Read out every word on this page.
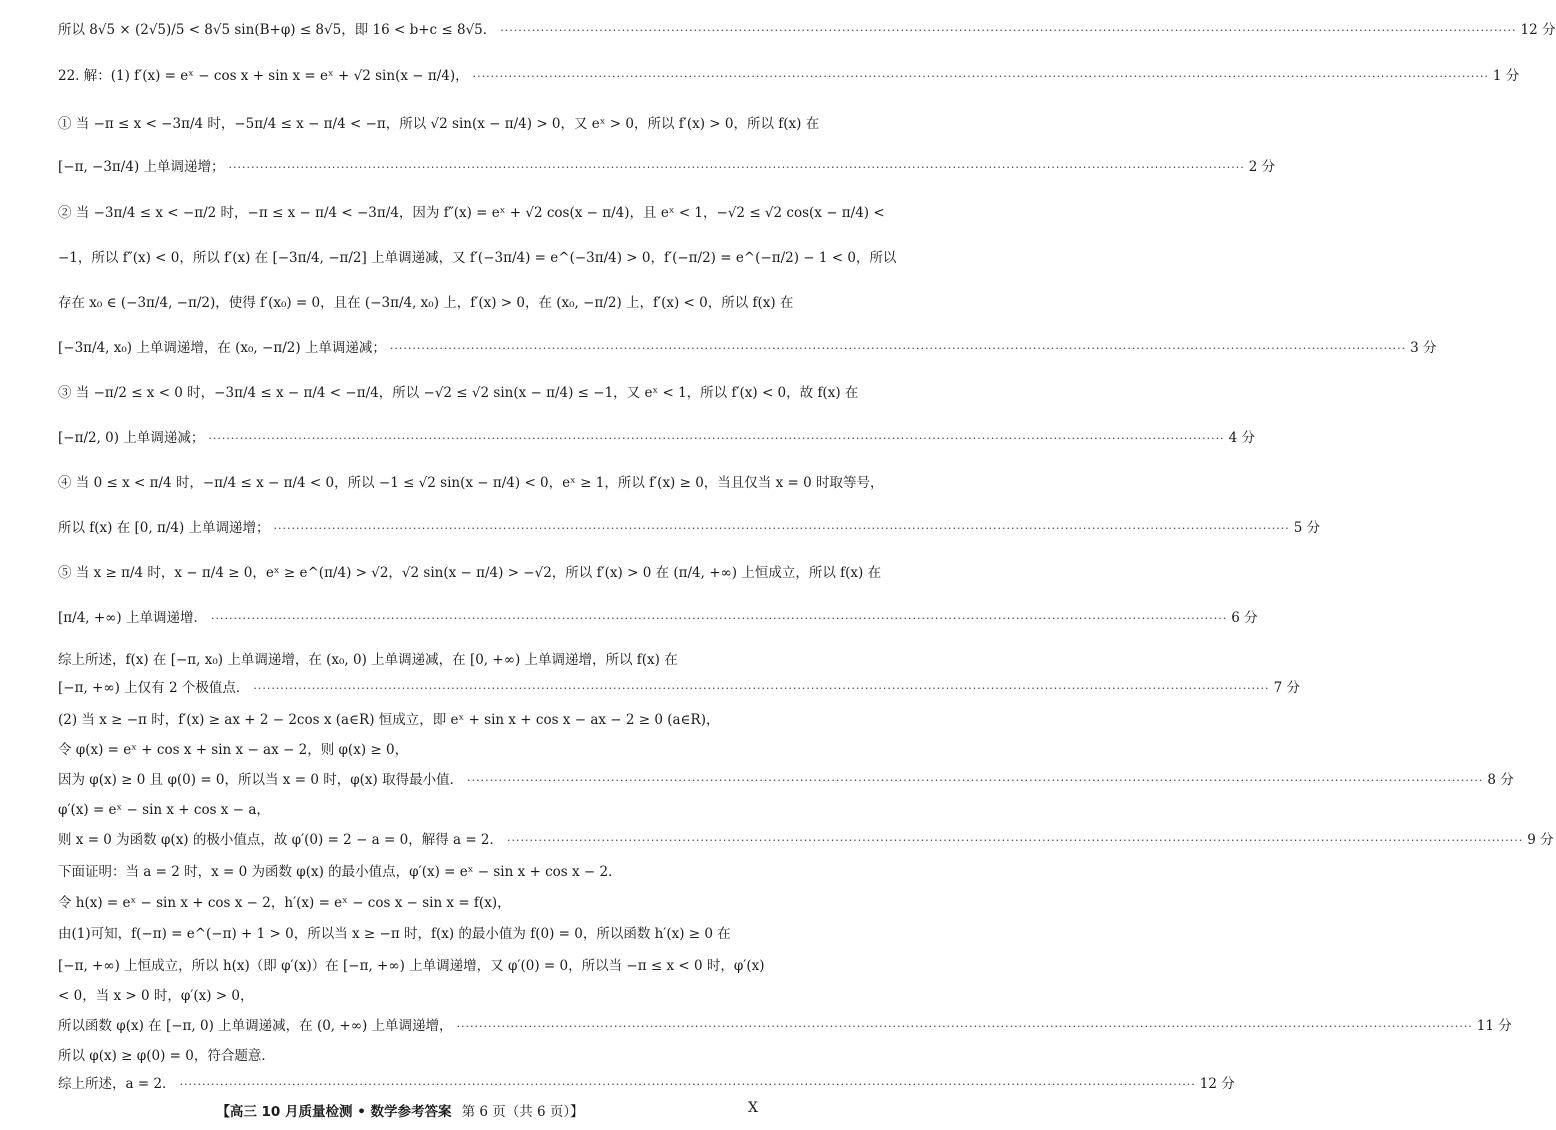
所以 8√5 × (2√5)/5 < 8√5 sin(B+φ) ≤ 8√5，即 16 < b+c ≤ 8√5． ·····	12 分
22. 解：(1) f′(x) = eˣ − cos x + sin x = eˣ + √2 sin(x − π/4)， ·····	1 分
① 当 −π ≤ x < −3π/4 时，−5π/4 ≤ x − π/4 < −π，所以 √2 sin(x − π/4) > 0，又 eˣ > 0，所以 f′(x) > 0，所以 f(x) 在
[−π, −3π/4) 上单调递增； ·····	2 分
② 当 −3π/4 ≤ x < −π/2 时，−π ≤ x − π/4 < −3π/4，因为 f″(x) = eˣ + √2 cos(x − π/4)，且 eˣ < 1，−√2 ≤ √2 cos(x − π/4) <
−1，所以 f″(x) < 0，所以 f′(x) 在 [−3π/4, −π/2] 上单调递减，又 f′(−3π/4) = e^(−3π/4) > 0，f′(−π/2) = e^(−π/2) − 1 < 0，所以
存在 x₀ ∈ (−3π/4, −π/2)，使得 f′(x₀) = 0，且在 (−3π/4, x₀) 上，f′(x) > 0，在 (x₀, −π/2) 上，f′(x) < 0，所以 f(x) 在
[−3π/4, x₀) 上单调递增，在 (x₀, −π/2) 上单调递减； ·····	3 分
③ 当 −π/2 ≤ x < 0 时，−3π/4 ≤ x − π/4 < −π/4，所以 −√2 ≤ √2 sin(x − π/4) ≤ −1，又 eˣ < 1，所以 f′(x) < 0，故 f(x) 在
[−π/2, 0) 上单调递减； ·····	4 分
④ 当 0 ≤ x < π/4 时，−π/4 ≤ x − π/4 < 0，所以 −1 ≤ √2 sin(x − π/4) < 0，eˣ ≥ 1，所以 f′(x) ≥ 0，当且仅当 x = 0 时取等号，
所以 f(x) 在 [0, π/4) 上单调递增； ·····	5 分
⑤ 当 x ≥ π/4 时，x − π/4 ≥ 0，eˣ ≥ e^(π/4) > √2，√2 sin(x − π/4) > −√2，所以 f′(x) > 0 在 (π/4, +∞) 上恒成立，所以 f(x) 在
[π/4, +∞) 上单调递增． ·····	6 分
综上所述，f(x) 在 [−π, x₀) 上单调递增，在 (x₀, 0) 上单调递减，在 [0, +∞) 上单调递增，所以 f(x) 在
[−π, +∞) 上仅有 2 个极值点． ·····	7 分
(2) 当 x ≥ −π 时，f′(x) ≥ ax + 2 − 2cos x (a∈R) 恒成立，即 eˣ + sin x + cos x − ax − 2 ≥ 0 (a∈R)，
令 φ(x) = eˣ + cos x + sin x − ax − 2，则 φ(x) ≥ 0，
因为 φ(x) ≥ 0 且 φ(0) = 0，所以当 x = 0 时，φ(x) 取得最小值． ·····	8 分
φ′(x) = eˣ − sin x + cos x − a，
则 x = 0 为函数 φ(x) 的极小值点，故 φ′(0) = 2 − a = 0，解得 a = 2． ·····	9 分
下面证明：当 a = 2 时，x = 0 为函数 φ(x) 的最小值点，φ′(x) = eˣ − sin x + cos x − 2．
令 h(x) = eˣ − sin x + cos x − 2，h′(x) = eˣ − cos x − sin x = f(x)，
由(1)可知，f(−π) = e^(−π) + 1 > 0，所以当 x ≥ −π 时，f(x) 的最小值为 f(0) = 0，所以函数 h′(x) ≥ 0 在
[−π, +∞) 上恒成立，所以 h(x)（即 φ′(x)）在 [−π, +∞) 上单调递增，又 φ′(0) = 0，所以当 −π ≤ x < 0 时，φ′(x)
< 0，当 x > 0 时，φ′(x) > 0，
所以函数 φ(x) 在 [−π, 0) 上单调递减，在 (0, +∞) 上单调递增， ·····	11 分
所以 φ(x) ≥ φ(0) = 0，符合题意．
综上所述，a = 2． ·····	12 分
【高三 10 月质量检测 • 数学参考答案 第 6 页（共 6 页）】	X
